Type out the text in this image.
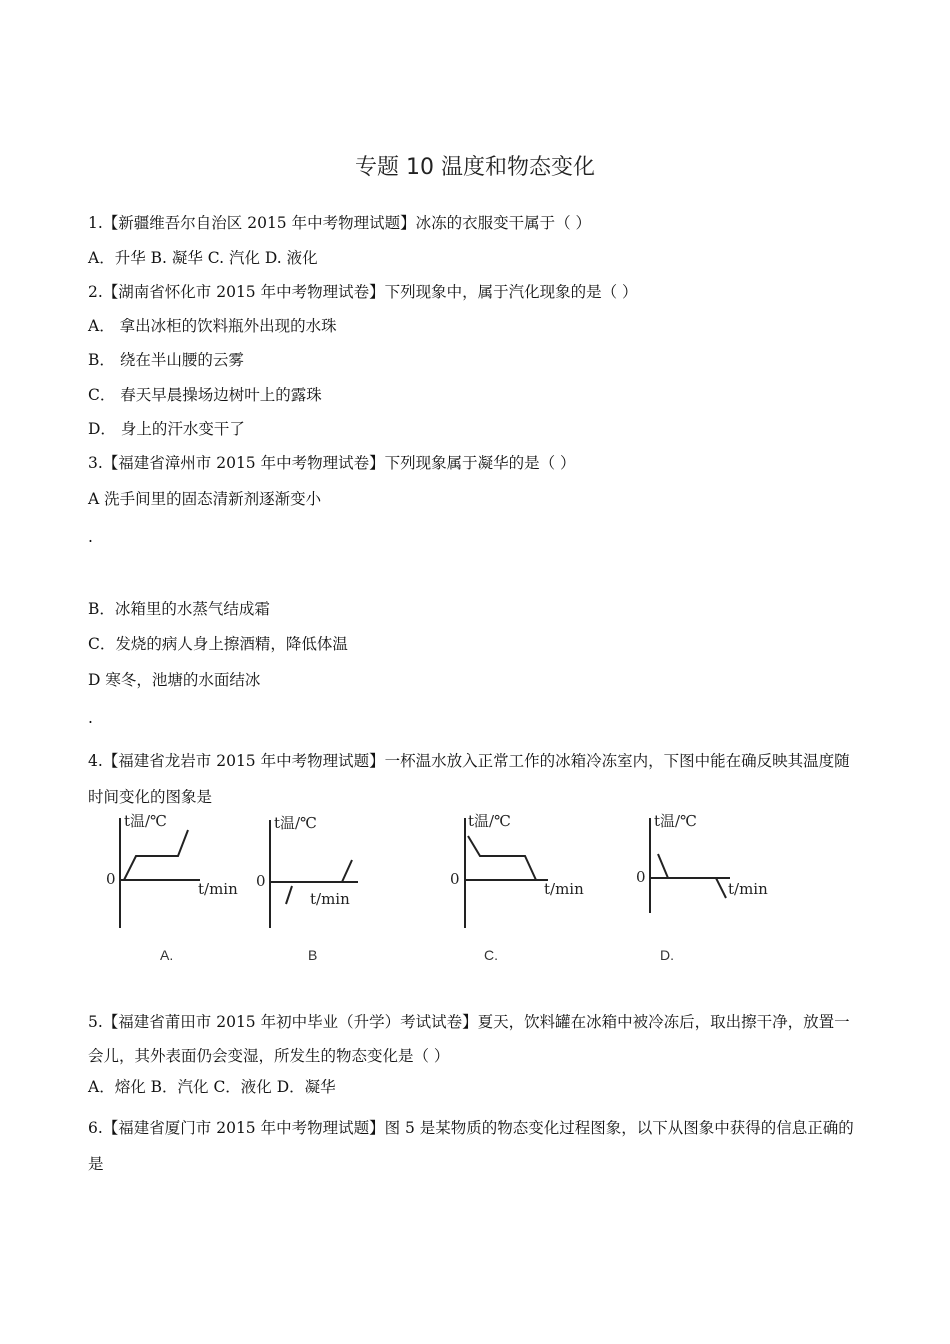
专题 10 温度和物态变化
1.【新疆维吾尔自治区 2015 年中考物理试题】冰冻的衣服变干属于（ ）
A．升华 B. 凝华 C. 汽化 D. 液化
2.【湖南省怀化市 2015 年中考物理试卷】下列现象中，属于汽化现象的是（ ）
A． 拿出冰柜的饮料瓶外出现的水珠
B． 绕在半山腰的云雾
C． 春天早晨操场边树叶上的露珠
D． 身上的汗水变干了
3.【福建省漳州市 2015 年中考物理试卷】下列现象属于凝华的是（ ）
A 洗手间里的固态清新剂逐渐变小
.
B．冰箱里的水蒸气结成霜
C．发烧的病人身上擦酒精，降低体温
D 寒冬，池塘的水面结冰
.
4.【福建省龙岩市 2015 年中考物理试题】一杯温水放入正常工作的冰箱冷冻室内，下图中能在确反映其温度随时间变化的图象是
t温/℃
t/min
0
A.
t温/℃
t/min
0
B
t温/℃
t/min
0
C.
t温/℃
t/min
0
D.
5.【福建省莆田市 2015 年初中毕业（升学）考试试卷】夏天，饮料罐在冰箱中被冷冻后，取出擦干净，放置一会儿，其外表面仍会变湿，所发生的物态变化是（ ）
A．熔化 B．汽化 C．液化 D．凝华
6.【福建省厦门市 2015 年中考物理试题】图 5 是某物质的物态变化过程图象，以下从图象中获得的信息正确的是
